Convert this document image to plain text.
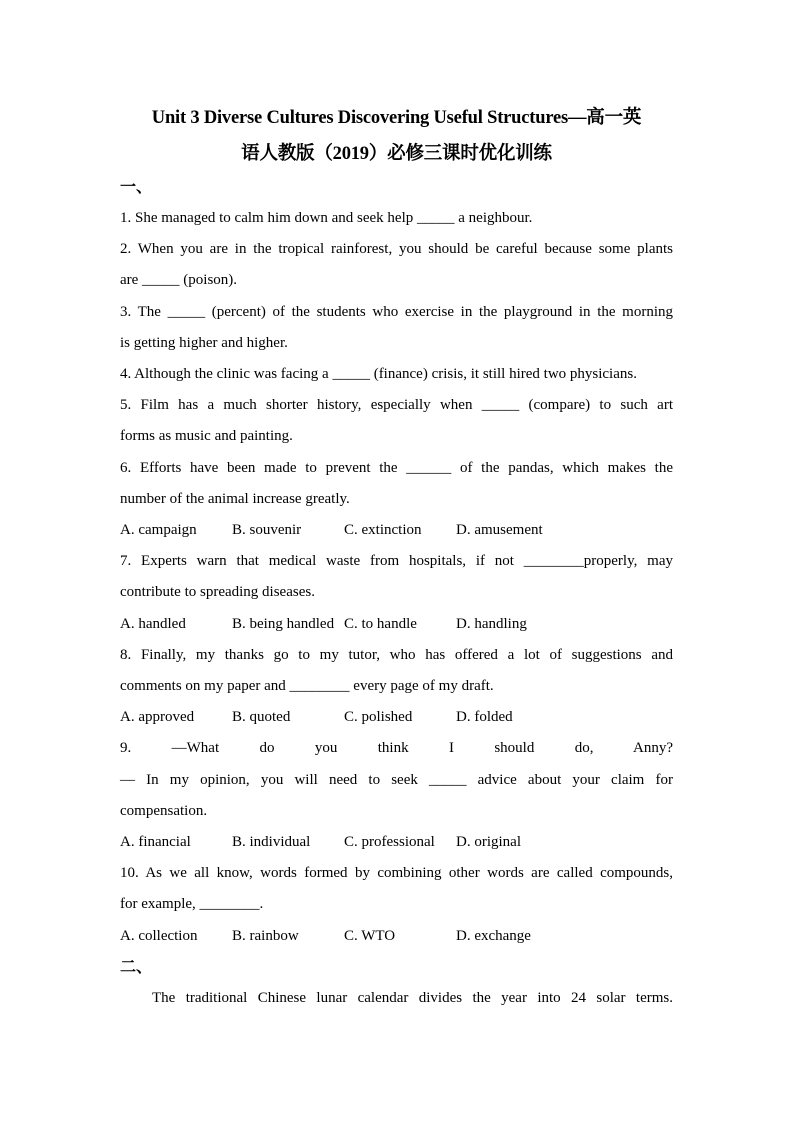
Unit 3 Diverse Cultures Discovering Useful Structures—高一英
语人教版（2019）必修三课时优化训练
一、
1. She managed to calm him down and seek help _____ a neighbour.
2. When you are in the tropical rainforest, you should be careful because some plants
are _____ (poison).
3. The _____ (percent) of the students who exercise in the playground in the morning
is getting higher and higher.
4. Although the clinic was facing a _____ (finance) crisis, it still hired two physicians.
5. Film has a much shorter history, especially when _____ (compare) to such art
forms as music and painting.
6. Efforts have been made to prevent the ______ of the pandas, which makes the
number of the animal increase greatly.
A. campaign	B. souvenir	C. extinction	D. amusement
7. Experts warn that medical waste from hospitals, if not ________properly, may
contribute to spreading diseases.
A. handled	B. being handled C. to handle	D. handling
8. Finally, my thanks go to my tutor, who has offered a lot of suggestions and
comments on my paper and ________ every page of my draft.
A. approved	B. quoted	C. polished	D. folded
9. —What do you think I should do, Anny?
— In my opinion, you will need to seek _____ advice about your claim for
compensation.
A. financial	B. individual	C. professional	D. original
10. As we all know, words formed by combining other words are called compounds,
for example, ________.
A. collection	B. rainbow	C. WTO	D. exchange
二、
The traditional Chinese lunar calendar divides the year into 24 solar terms.
